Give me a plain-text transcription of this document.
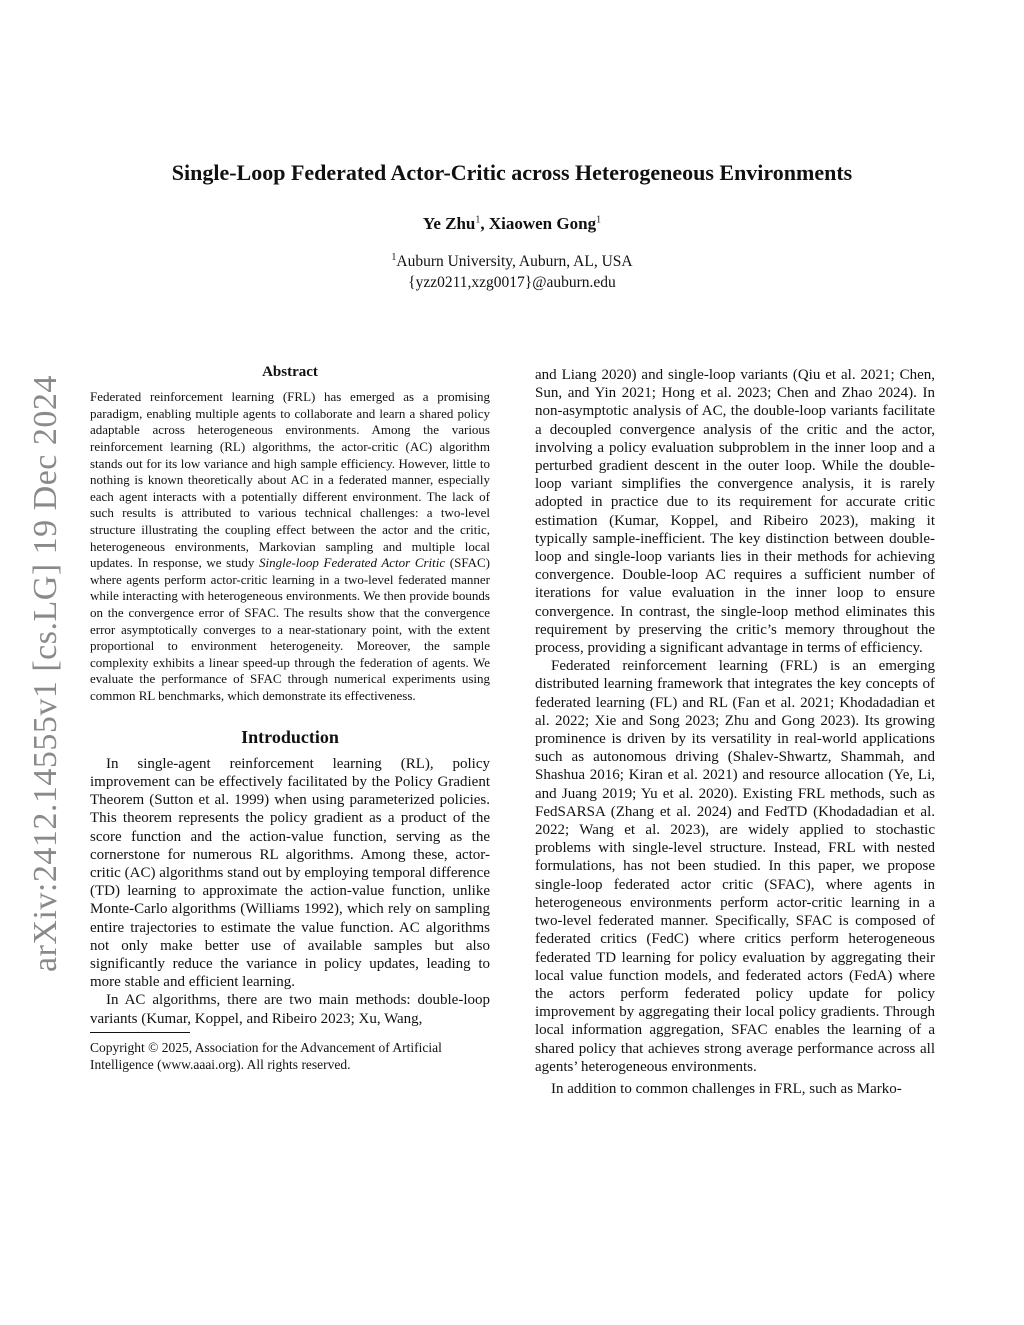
arXiv:2412.14555v1 [cs.LG] 19 Dec 2024
Single-Loop Federated Actor-Critic across Heterogeneous Environments
Ye Zhu$^1$, Xiaowen Gong$^1$
$^1$Auburn University, Auburn, AL, USA
{yzz0211,xzg0017}@auburn.edu
Abstract

Federated reinforcement learning (FRL) has emerged as a promising paradigm, enabling multiple agents to collaborate and learn a shared policy adaptable across heterogeneous environments. Among the various reinforcement learning (RL) algorithms, the actor-critic (AC) algorithm stands out for its low variance and high sample efficiency. However, little to nothing is known theoretically about AC in a federated manner, especially each agent interacts with a potentially different environment. The lack of such results is attributed to various technical challenges: a two-level structure illustrating the coupling effect between the actor and the critic, heterogeneous environments, Markovian sampling and multiple local updates. In response, we study Single-loop Federated Actor Critic (SFAC) where agents perform actor-critic learning in a two-level federated manner while interacting with heterogeneous environments. We then provide bounds on the convergence error of SFAC. The results show that the convergence error asymptotically converges to a near-stationary point, with the extent proportional to environment heterogeneity. Moreover, the sample complexity exhibits a linear speed-up through the federation of agents. We evaluate the performance of SFAC through numerical experiments using common RL benchmarks, which demonstrate its effectiveness.

Introduction

In single-agent reinforcement learning (RL), policy improvement can be effectively facilitated by the Policy Gradient Theorem (Sutton et al. 1999) when using parameterized policies. This theorem represents the policy gradient as a product of the score function and the action-value function, serving as the cornerstone for numerous RL algorithms. Among these, actor-critic (AC) algorithms stand out by employing temporal difference (TD) learning to approximate the action-value function, unlike Monte-Carlo algorithms (Williams 1992), which rely on sampling entire trajectories to estimate the value function. AC algorithms not only make better use of available samples but also significantly reduce the variance in policy updates, leading to more stable and efficient learning.

In AC algorithms, there are two main methods: double-loop variants (Kumar, Koppel, and Ribeiro 2023; Xu, Wang,

Copyright © 2025, Association for the Advancement of Artificial Intelligence (www.aaai.org). All rights reserved.

and Liang 2020) and single-loop variants (Qiu et al. 2021; Chen, Sun, and Yin 2021; Hong et al. 2023; Chen and Zhao 2024). In non-asymptotic analysis of AC, the double-loop variants facilitate a decoupled convergence analysis of the critic and the actor, involving a policy evaluation subproblem in the inner loop and a perturbed gradient descent in the outer loop. While the double-loop variant simplifies the convergence analysis, it is rarely adopted in practice due to its requirement for accurate critic estimation (Kumar, Koppel, and Ribeiro 2023), making it typically sample-inefficient. The key distinction between double-loop and single-loop variants lies in their methods for achieving convergence. Double-loop AC requires a sufficient number of iterations for value evaluation in the inner loop to ensure convergence. In contrast, the single-loop method eliminates this requirement by preserving the critic’s memory throughout the process, providing a significant advantage in terms of efficiency.

Federated reinforcement learning (FRL) is an emerging distributed learning framework that integrates the key concepts of federated learning (FL) and RL (Fan et al. 2021; Khodadadian et al. 2022; Xie and Song 2023; Zhu and Gong 2023). Its growing prominence is driven by its versatility in real-world applications such as autonomous driving (Shalev-Shwartz, Shammah, and Shashua 2016; Kiran et al. 2021) and resource allocation (Ye, Li, and Juang 2019; Yu et al. 2020). Existing FRL methods, such as FedSARSA (Zhang et al. 2024) and FedTD (Khodadadian et al. 2022; Wang et al. 2023), are widely applied to stochastic problems with single-level structure. Instead, FRL with nested formulations, has not been studied. In this paper, we propose single-loop federated actor critic (SFAC), where agents in heterogeneous environments perform actor-critic learning in a two-level federated manner. Specifically, SFAC is composed of federated critics (FedC) where critics perform heterogeneous federated TD learning for policy evaluation by aggregating their local value function models, and federated actors (FedA) where the actors perform federated policy update for policy improvement by aggregating their local policy gradients. Through local information aggregation, SFAC enables the learning of a shared policy that achieves strong average performance across all agents’ heterogeneous environments.

In addition to common challenges in FRL, such as Marko-
